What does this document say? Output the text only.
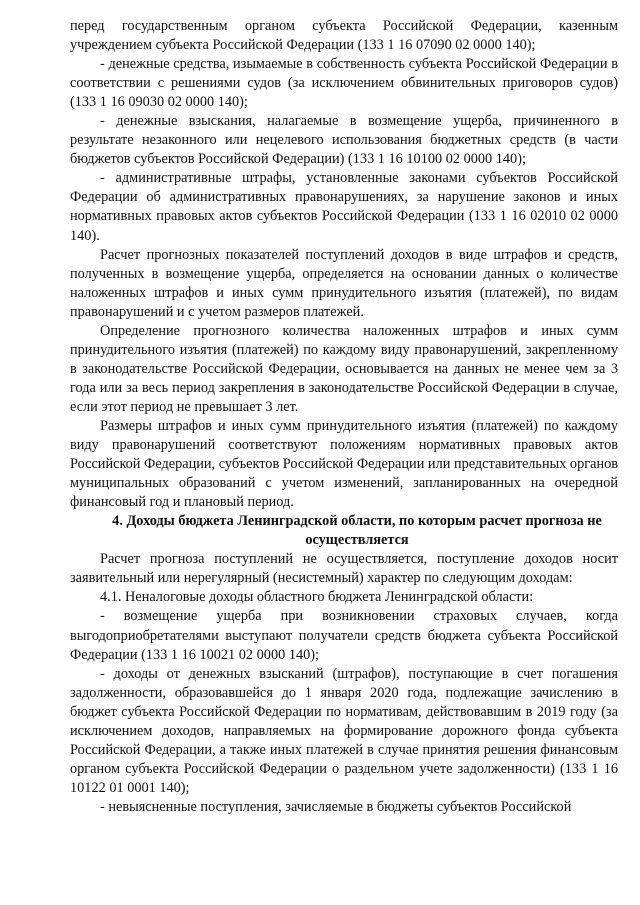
перед государственным органом субъекта Российской Федерации, казенным учреждением субъекта Российской Федерации (133 1 16 07090 02 0000 140);

- денежные средства, изымаемые в собственность субъекта Российской Федерации в соответствии с решениями судов (за исключением обвинительных приговоров судов) (133 1 16 09030 02 0000 140);

- денежные взыскания, налагаемые в возмещение ущерба, причиненного в результате незаконного или нецелевого использования бюджетных средств (в части бюджетов субъектов Российской Федерации) (133 1 16 10100 02 0000 140);

- административные штрафы, установленные законами субъектов Российской Федерации об административных правонарушениях, за нарушение законов и иных нормативных правовых актов субъектов Российской Федерации (133 1 16 02010 02 0000 140).

Расчет прогнозных показателей поступлений доходов в виде штрафов и средств, полученных в возмещение ущерба, определяется на основании данных о количестве наложенных штрафов и иных сумм принудительного изъятия (платежей), по видам правонарушений и с учетом размеров платежей.

Определение прогнозного количества наложенных штрафов и иных сумм принудительного изъятия (платежей) по каждому виду правонарушений, закрепленному в законодательстве Российской Федерации, основывается на данных не менее чем за 3 года или за весь период закрепления в законодательстве Российской Федерации в случае, если этот период не превышает 3 лет.

Размеры штрафов и иных сумм принудительного изъятия (платежей) по каждому виду правонарушений соответствуют положениям нормативных правовых актов Российской Федерации, субъектов Российской Федерации или представительных органов муниципальных образований с учетом изменений, запланированных на очередной финансовый год и плановый период.

4. Доходы бюджета Ленинградской области, по которым расчет прогноза не осуществляется

Расчет прогноза поступлений не осуществляется, поступление доходов носит заявительный или нерегулярный (несистемный) характер по следующим доходам:

4.1. Неналоговые доходы областного бюджета Ленинградской области:

- возмещение ущерба при возникновении страховых случаев, когда выгодоприобретателями выступают получатели средств бюджета субъекта Российской Федерации (133 1 16 10021 02 0000 140);

- доходы от денежных взысканий (штрафов), поступающие в счет погашения задолженности, образовавшейся до 1 января 2020 года, подлежащие зачислению в бюджет субъекта Российской Федерации по нормативам, действовавшим в 2019 году (за исключением доходов, направляемых на формирование дорожного фонда субъекта Российской Федерации, а также иных платежей в случае принятия решения финансовым органом субъекта Российской Федерации о раздельном учете задолженности) (133 1 16 10122 01 0001 140);

- невыясненные поступления, зачисляемые в бюджеты субъектов Российской
